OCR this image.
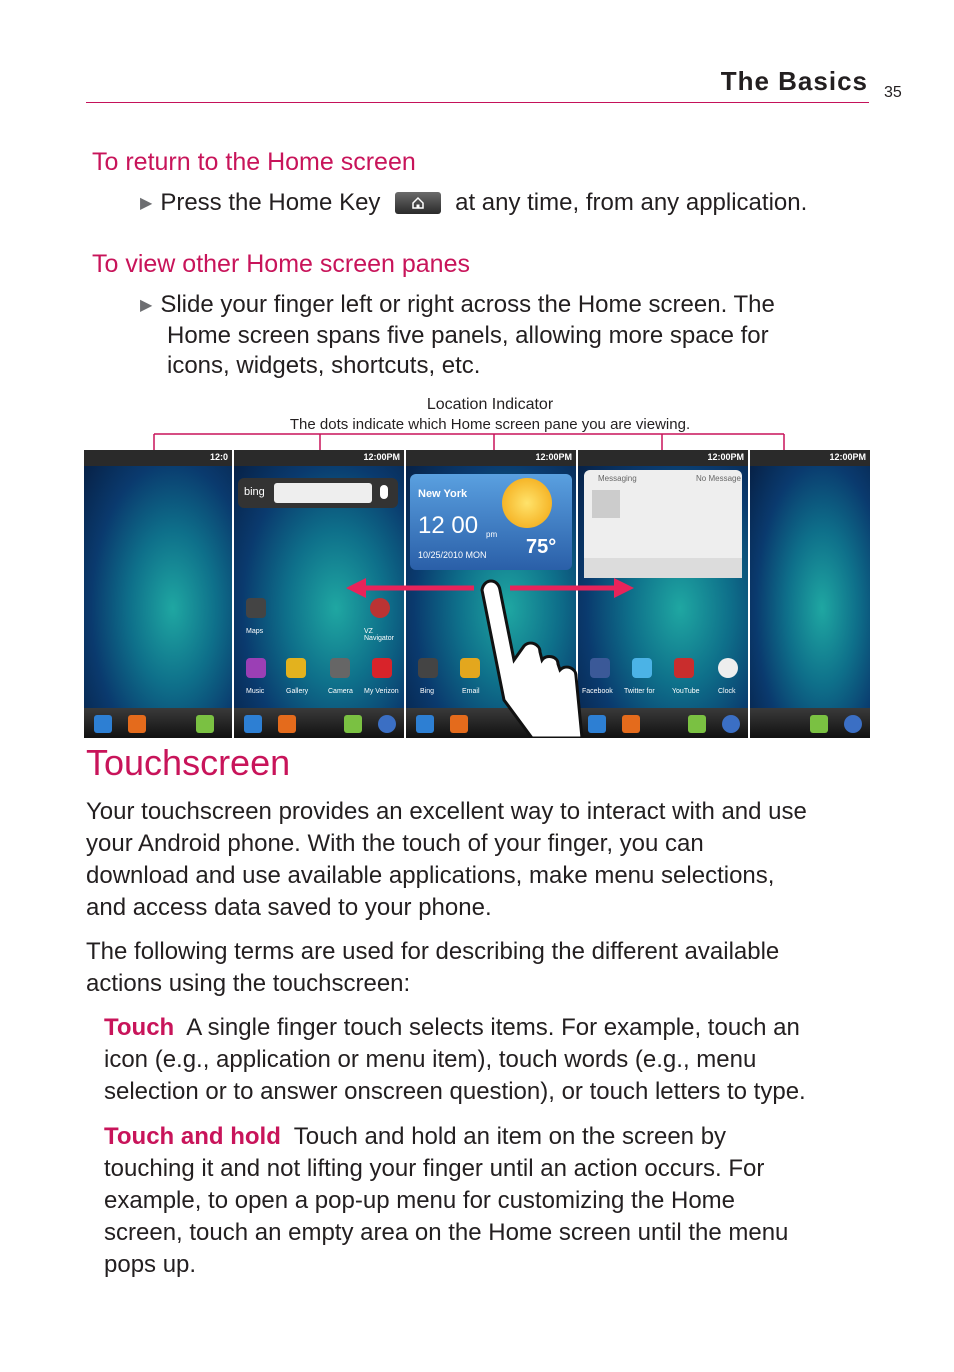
The Basics 35
To return to the Home screen
▶ Press the Home Key	at any time, from any application.
To view other Home screen panes
▶ Slide your finger left or right across the Home screen. The
Home screen spans five panels, allowing more space for
icons, widgets, shortcuts, etc.
Location Indicator
The dots indicate which Home screen pane you are viewing.
12:0	12:00PM
bing
Maps	VZ Navigator
Music	Gallery	Camera My Verizon
12:00PM
New York
12 00 pm
10/25/2010 MON 75°
Bing	Email
12:00PM
Messaging	No Message
Facebook Twitter for YouTube	Clock
12:00PM
Touchscreen
Your touchscreen provides an excellent way to interact with and use
your Android phone. With the touch of your finger, you can
download and use available applications, make menu selections,
and access data saved to your phone.
The following terms are used for describing the different available
actions using the touchscreen:
Touch A single finger touch selects items. For example, touch an
icon (e.g., application or menu item), touch words (e.g., menu
selection or to answer onscreen question), or touch letters to type.
Touch and hold Touch and hold an item on the screen by
touching it and not lifting your finger until an action occurs. For
example, to open a pop-up menu for customizing the Home
screen, touch an empty area on the Home screen until the menu
pops up.
